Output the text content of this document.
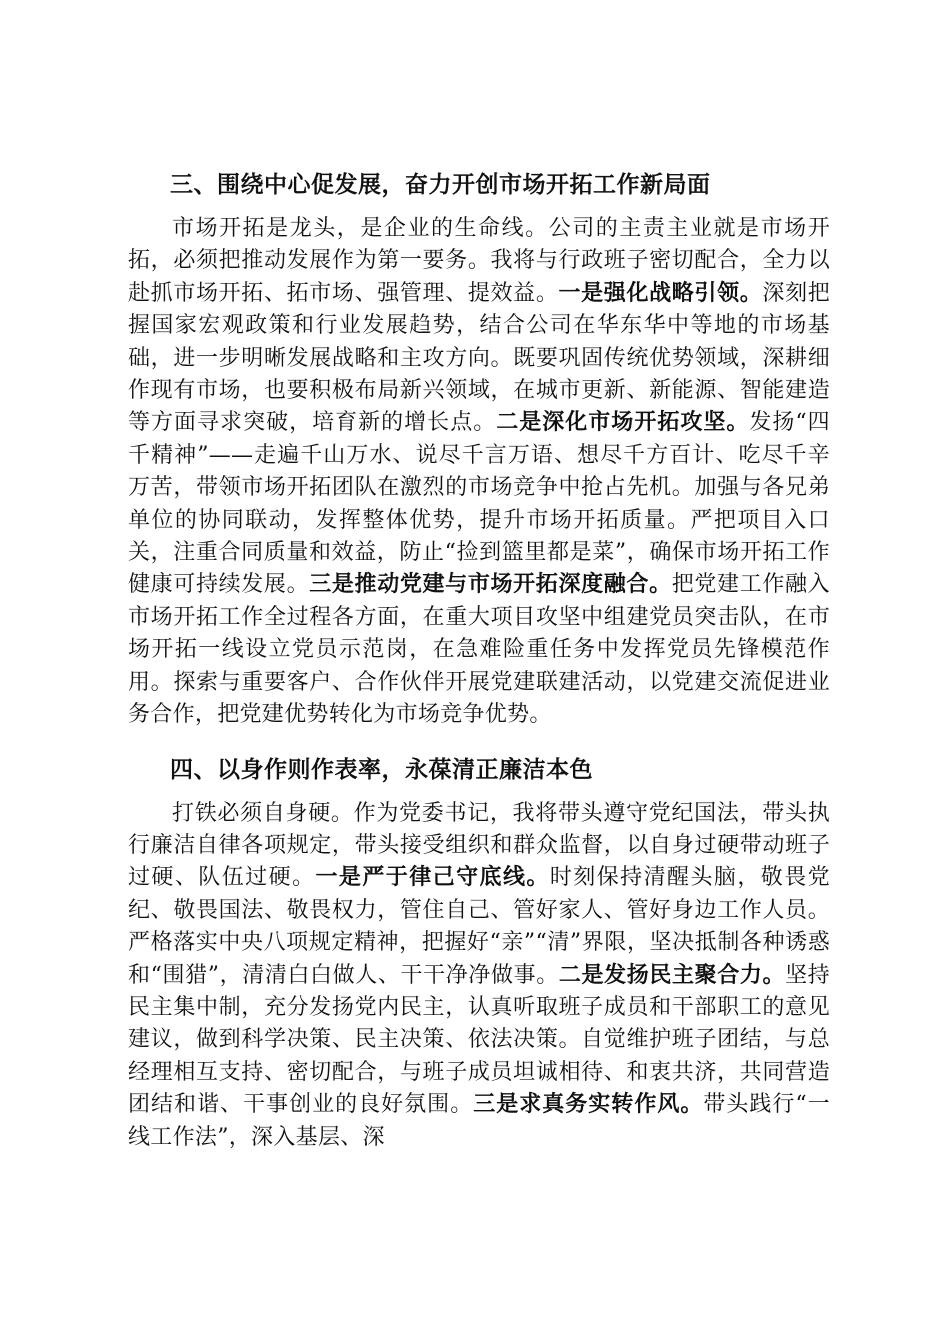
三、围绕中心促发展，奋力开创市场开拓工作新局面

市场开拓是龙头，是企业的生命线。公司的主责主业就是市场开拓，必须把推动发展作为第一要务。我将与行政班子密切配合，全力以赴抓市场开拓、拓市场、强管理、提效益。一是强化战略引领。深刻把握国家宏观政策和行业发展趋势，结合公司在华东华中等地的市场基础，进一步明晰发展战略和主攻方向。既要巩固传统优势领域，深耕细作现有市场，也要积极布局新兴领域，在城市更新、新能源、智能建造等方面寻求突破，培育新的增长点。二是深化市场开拓攻坚。发扬“四千精神”——走遍千山万水、说尽千言万语、想尽千方百计、吃尽千辛万苦，带领市场开拓团队在激烈的市场竞争中抢占先机。加强与各兄弟单位的协同联动，发挥整体优势，提升市场开拓质量。严把项目入口关，注重合同质量和效益，防止“捡到篮里都是菜”，确保市场开拓工作健康可持续发展。三是推动党建与市场开拓深度融合。把党建工作融入市场开拓工作全过程各方面，在重大项目攻坚中组建党员突击队，在市场开拓一线设立党员示范岗，在急难险重任务中发挥党员先锋模范作用。探索与重要客户、合作伙伴开展党建联建活动，以党建交流促进业务合作，把党建优势转化为市场竞争优势。

四、以身作则作表率，永葆清正廉洁本色

打铁必须自身硬。作为党委书记，我将带头遵守党纪国法，带头执行廉洁自律各项规定，带头接受组织和群众监督，以自身过硬带动班子过硬、队伍过硬。一是严于律己守底线。时刻保持清醒头脑，敬畏党纪、敬畏国法、敬畏权力，管住自己、管好家人、管好身边工作人员。严格落实中央八项规定精神，把握好“亲”“清”界限，坚决抵制各种诱惑和“围猎”，清清白白做人、干干净净做事。二是发扬民主聚合力。坚持民主集中制，充分发扬党内民主，认真听取班子成员和干部职工的意见建议，做到科学决策、民主决策、依法决策。自觉维护班子团结，与总经理相互支持、密切配合，与班子成员坦诚相待、和衷共济，共同营造团结和谐、干事创业的良好氛围。三是求真务实转作风。带头践行“一线工作法”，深入基层、深
